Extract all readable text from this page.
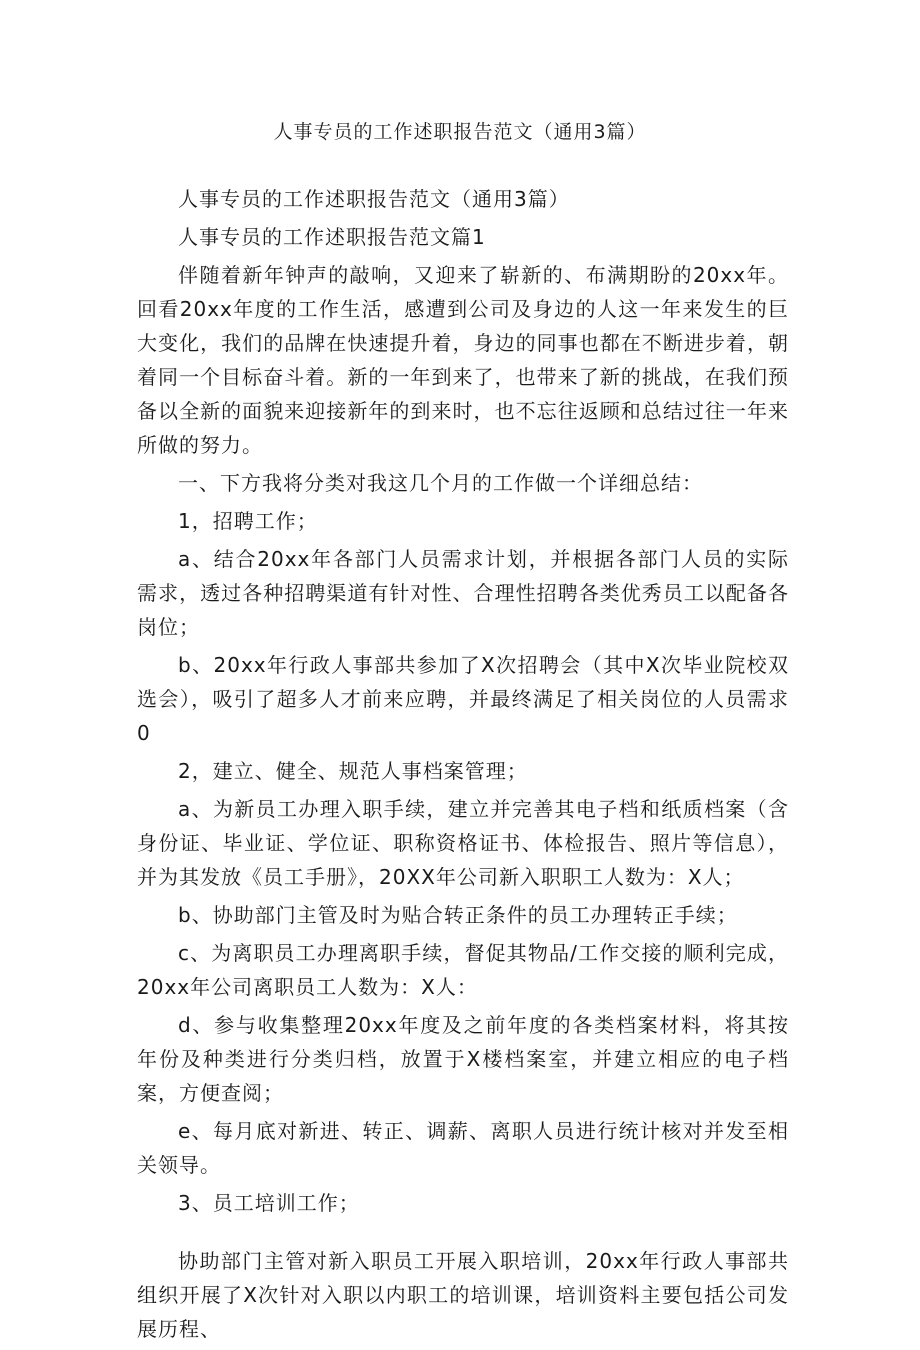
人事专员的工作述职报告范文（通用3篇）

人事专员的工作述职报告范文（通用3篇）

人事专员的工作述职报告范文篇1

伴随着新年钟声的敲响，又迎来了崭新的、布满期盼的20xx年。回看20xx年度的工作生活，感遭到公司及身边的人这一年来发生的巨大变化，我们的品牌在快速提升着，身边的同事也都在不断进步着，朝着同一个目标奋斗着。新的一年到来了，也带来了新的挑战，在我们预备以全新的面貌来迎接新年的到来时，也不忘往返顾和总结过往一年来所做的努力。

一、下方我将分类对我这几个月的工作做一个详细总结：

1，招聘工作；

a、结合20xx年各部门人员需求计划，并根据各部门人员的实际需求，透过各种招聘渠道有针对性、合理性招聘各类优秀员工以配备各岗位；

b、20xx年行政人事部共参加了X次招聘会（其中X次毕业院校双选会），吸引了超多人才前来应聘，并最终满足了相关岗位的人员需求0

2，建立、健全、规范人事档案管理；

a、为新员工办理入职手续，建立并完善其电子档和纸质档案（含身份证、毕业证、学位证、职称资格证书、体检报告、照片等信息），并为其发放《员工手册》，20XX年公司新入职职工人数为：X人；

b、协助部门主管及时为贴合转正条件的员工办理转正手续；

c、为离职员工办理离职手续，督促其物品/工作交接的顺利完成，20xx年公司离职员工人数为：X人：

d、参与收集整理20xx年度及之前年度的各类档案材料，将其按年份及种类进行分类归档，放置于X楼档案室，并建立相应的电子档案，方便查阅；

e、每月底对新进、转正、调薪、离职人员进行统计核对并发至相关领导。

3、员工培训工作；

协助部门主管对新入职员工开展入职培训，20xx年行政人事部共组织开展了X次针对入职以内职工的培训课，培训资料主要包括公司发展历程、
